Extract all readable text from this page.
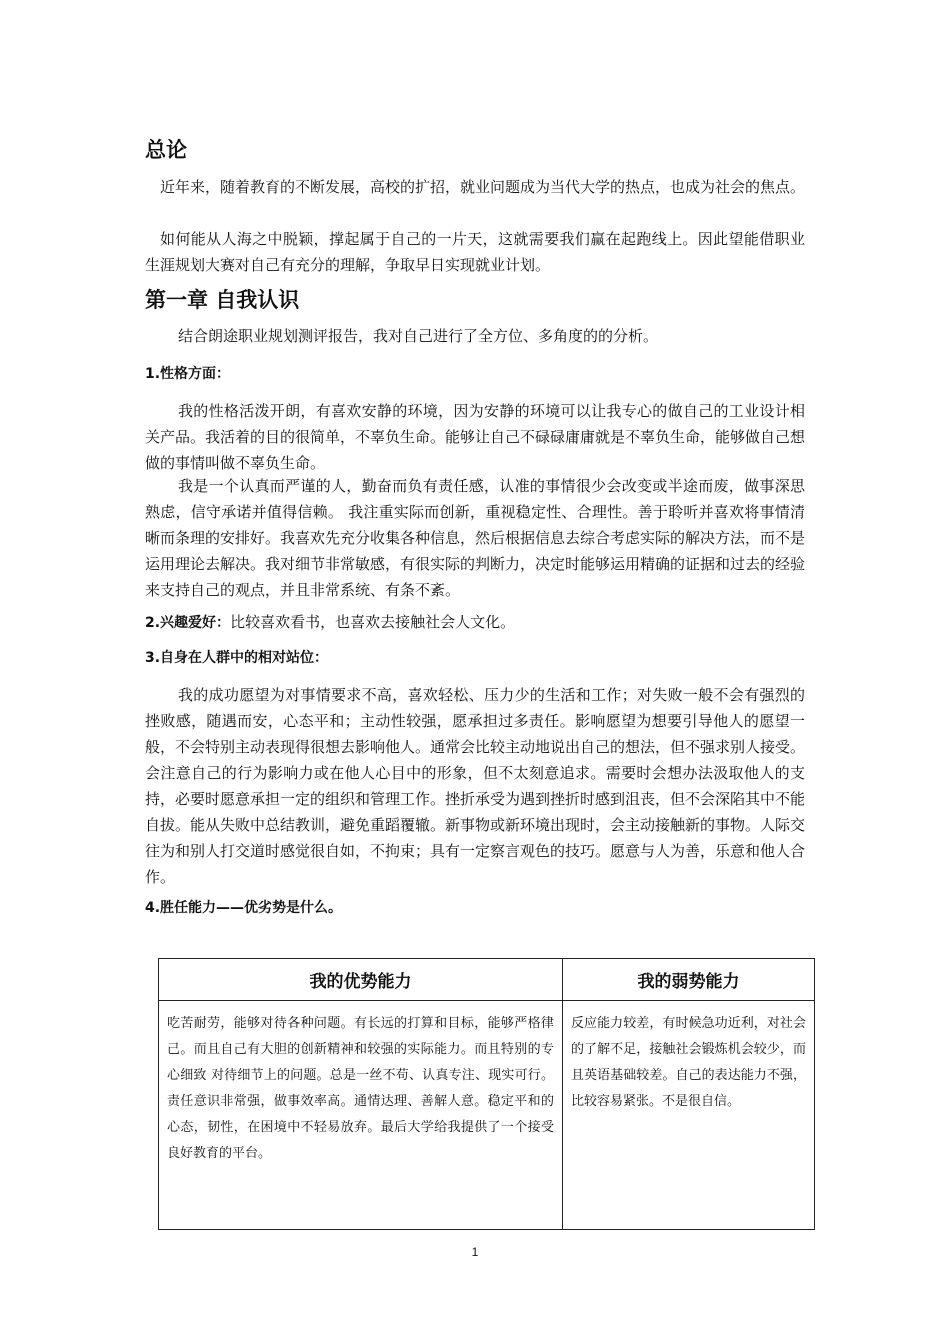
总论

近年来，随着教育的不断发展，高校的扩招，就业问题成为当代大学的热点，也成为社会的焦点。

如何能从人海之中脱颖，撑起属于自己的一片天，这就需要我们赢在起跑线上。因此望能借职业 生涯规划大赛对自己有充分的理解，争取早日实现就业计划。

第一章 自我认识

结合朗途职业规划测评报告，我对自己进行了全方位、多角度的的分析。

1.性格方面：

我的性格活泼开朗，有喜欢安静的环境，因为安静的环境可以让我专心的做自己的工业设计相关产品。我活着的目的很简单，不辜负生命。能够让自己不碌碌庸庸就是不辜负生命，能够做自己想做的事情叫做不辜负生命。

我是一个认真而严谨的人，勤奋而负有责任感，认准的事情很少会改变或半途而废，做事深思熟虑，信守承诺并值得信赖。 我注重实际而创新，重视稳定性、合理性。善于聆听并喜欢将事情清晰而条理的安排好。我喜欢先充分收集各种信息，然后根据信息去综合考虑实际的解决方法，而不是运用理论去解决。我对细节非常敏感，有很实际的判断力，决定时能够运用精确的证据和过去的经验来支持自己的观点，并且非常系统、有条不紊。

2.兴趣爱好：比较喜欢看书，也喜欢去接触社会人文化。

3.自身在人群中的相对站位：

我的成功愿望为对事情要求不高，喜欢轻松、压力少的生活和工作；对失败一般不会有强烈的挫败感，随遇而安，心态平和；主动性较强，愿承担过多责任。影响愿望为想要引导他人的愿望一般，不会特别主动表现得很想去影响他人。通常会比较主动地说出自己的想法，但不强求别人接受。会注意自己的行为影响力或在他人心目中的形象，但不太刻意追求。需要时会想办法汲取他人的支持，必要时愿意承担一定的组织和管理工作。挫折承受为遇到挫折时感到沮丧，但不会深陷其中不能自拔。能从失败中总结教训，避免重蹈覆辙。新事物或新环境出现时，会主动接触新的事物。人际交往为和别人打交道时感觉很自如，不拘束；具有一定察言观色的技巧。愿意与人为善，乐意和他人合作。

4.胜任能力——优劣势是什么。
我的优势能力	我的弱势能力
吃苦耐劳，能够对待各种问题。有长远的打算和目标，能够严格律己。而且自己有大胆的创新精神和较强的实际能力。而且特别的专心细致 对待细节上的问题。总是一丝不苟、认真专注、现实可行。 责任意识非常强，做事效率高。通情达理、善解人意。稳定平和的心态，韧性，在困境中不轻易放弃。最后大学给我提供了一个接受良好教育的平台。	反应能力较差，有时候急功近利，对社会的了解不足，接触社会锻炼机会较少，而且英语基础较差。自己的表达能力不强，比较容易紧张。不是很自信。
1
